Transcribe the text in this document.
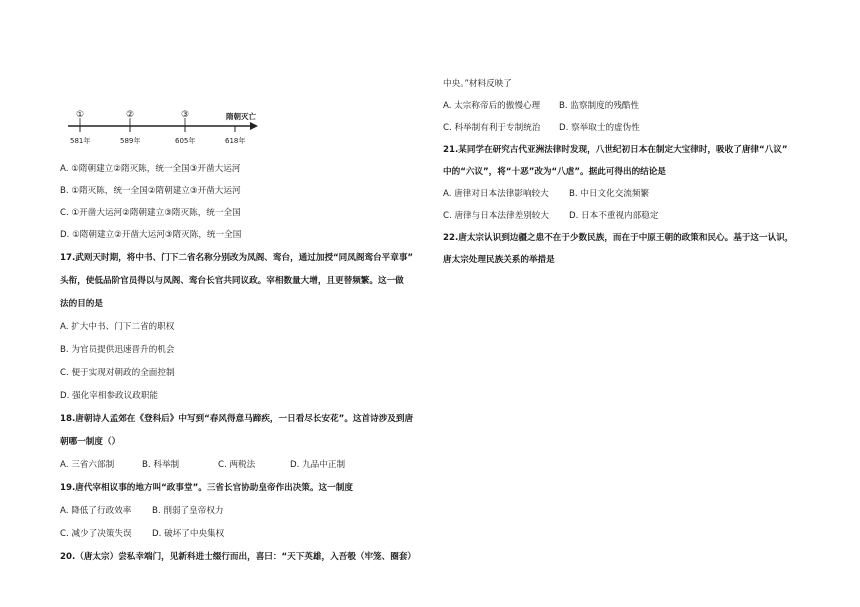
①	②	③	隋朝灭亡
581年	589年	605年	618年
A. ①隋朝建立②隋灭陈，统一全国③开凿大运河
B. ①隋灭陈，统一全国②隋朝建立③开凿大运河
C. ①开凿大运河②隋朝建立③隋灭陈，统一全国
D. ①隋朝建立②开凿大运河③隋灭陈，统一全国
17.武则天时期，将中书、门下二省名称分别改为凤阁、鸾台，通过加授“同凤阁鸾台平章事”
头衔，使低品阶官员得以与凤阁、鸾台长官共同议政。宰相数量大增，且更替频繁。这一做
法的目的是
A. 扩大中书、门下二省的职权
B. 为官员提供迅速晋升的机会
C. 便于实现对朝政的全面控制
D. 强化宰相参政议政职能
18.唐朝诗人孟郊在《登科后》中写到“春风得意马蹄疾，一日看尽长安花”。这首诗涉及到唐
朝哪一制度（）
A. 三省六部制	B. 科举制	C. 两税法	D. 九品中正制
19.唐代宰相议事的地方叫“政事堂”。三省长官协助皇帝作出决策。这一制度
A. 降低了行政效率 B. 削弱了皇帝权力
C. 减少了决策失误 D. 破坏了中央集权
20.（唐太宗）尝私幸端门，见新科进士缀行而出，喜曰：“天下英雄，入吾彀（牢笼、圈套）
中央。”材料反映了
A. 太宗称帝后的傲慢心理 B. 监察制度的残酷性
C. 科举制有利于专制统治 D. 察举取士的虚伪性
21.某同学在研究古代亚洲法律时发现，八世纪初日本在制定大宝律时，吸收了唐律“八议”
中的“六议”，将“十恶”改为“八虐”。据此可得出的结论是
A. 唐律对日本法律影响较大 B. 中日文化交流频繁
C. 唐律与日本法律差别较大 D. 日本不重视内部稳定
22.唐太宗认识到边疆之患不在于少数民族，而在于中原王朝的政策和民心。基于这一认识，
唐太宗处理民族关系的举措是
